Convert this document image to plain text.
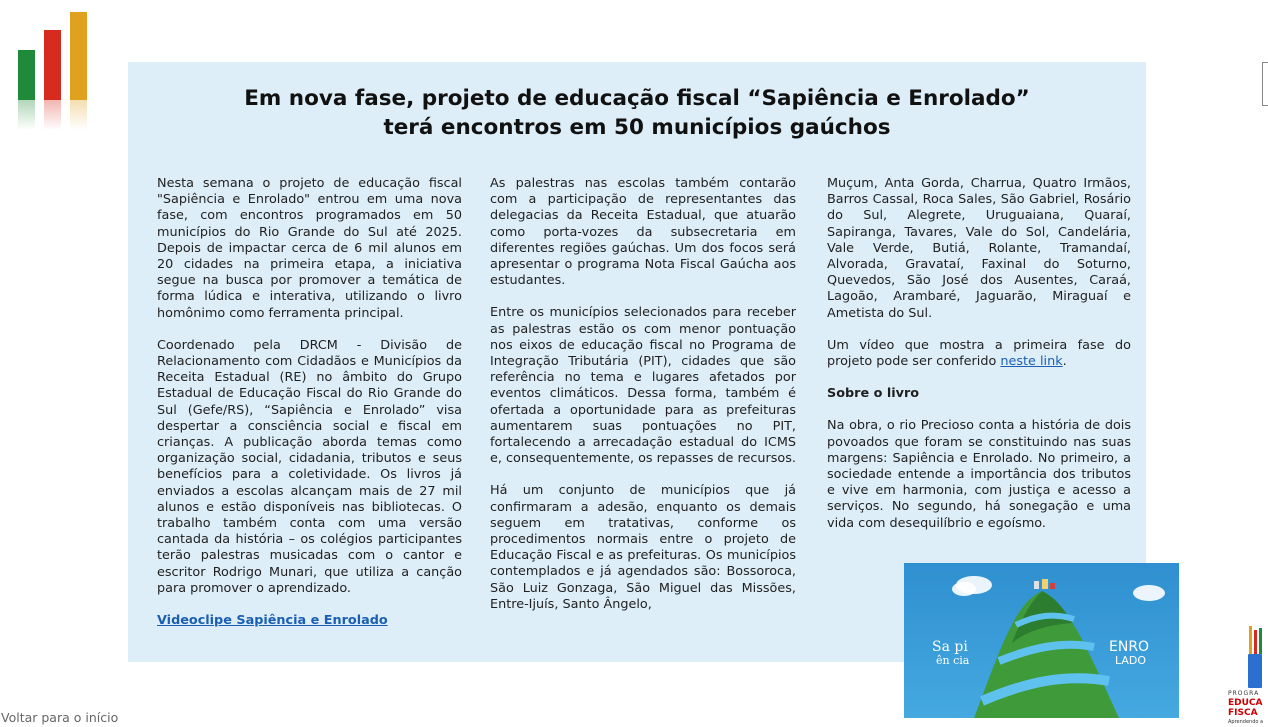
Em nova fase, projeto de educação fiscal “Sapiência e Enrolado”
terá encontros em 50 municípios gaúchos

Nesta semana o projeto de educação fiscal "Sapiência e Enrolado" entrou em uma nova fase, com encontros programados em 50 municípios do Rio Grande do Sul até 2025. Depois de impactar cerca de 6 mil alunos em 20 cidades na primeira etapa, a iniciativa segue na busca por promover a temática de forma lúdica e interativa, utilizando o livro homônimo como ferramenta principal.

Coordenado pela DRCM - Divisão de Relacionamento com Cidadãos e Municípios da Receita Estadual (RE) no âmbito do Grupo Estadual de Educação Fiscal do Rio Grande do Sul (Gefe/RS), “Sapiência e Enrolado” visa despertar a consciência social e fiscal em crianças. A publicação aborda temas como organização social, cidadania, tributos e seus benefícios para a coletividade. Os livros já enviados a escolas alcançam mais de 27 mil alunos e estão disponíveis nas bibliotecas. O trabalho também conta com uma versão cantada da história – os colégios participantes terão palestras musicadas com o cantor e escritor Rodrigo Munari, que utiliza a canção para promover o aprendizado.

Videoclipe Sapiência e Enrolado

As palestras nas escolas também contarão com a participação de representantes das delegacias da Receita Estadual, que atuarão como porta-vozes da subsecretaria em diferentes regiões gaúchas. Um dos focos será apresentar o programa Nota Fiscal Gaúcha aos estudantes.

Entre os municípios selecionados para receber as palestras estão os com menor pontuação nos eixos de educação fiscal no Programa de Integração Tributária (PIT), cidades que são referência no tema e lugares afetados por eventos climáticos. Dessa forma, também é ofertada a oportunidade para as prefeituras aumentarem suas pontuações no PIT, fortalecendo a arrecadação estadual do ICMS e, consequentemente, os repasses de recursos.

Há um conjunto de municípios que já confirmaram a adesão, enquanto os demais seguem em tratativas, conforme os procedimentos normais entre o projeto de Educação Fiscal e as prefeituras. Os municípios contemplados e já agendados são: Bossoroca, São Luiz Gonzaga, São Miguel das Missões, Entre-Ijuís, Santo Ângelo,

Muçum, Anta Gorda, Charrua, Quatro Irmãos, Barros Cassal, Roca Sales, São Gabriel, Rosário do Sul, Alegrete, Uruguaiana, Quaraí, Sapiranga, Tavares, Vale do Sol, Candelária, Vale Verde, Butiá, Rolante, Tramandaí, Alvorada, Gravataí, Faxinal do Soturno, Quevedos, São José dos Ausentes, Caraá, Lagoão, Arambaré, Jaguarão, Miraguaí e Ametista do Sul.

Um vídeo que mostra a primeira fase do projeto pode ser conferido neste link.

Sobre o livro

Na obra, o rio Precioso conta a história de dois povoados que foram se constituindo nas suas margens: Sapiência e Enrolado. No primeiro, a sociedade entende a importância dos tributos e vive em harmonia, com justiça e acesso a serviços. No segundo, há sonegação e uma vida com desequilíbrio e egoísmo.

Sa pi
ên cia
ENRO
LADO
Voltar para o início
PROGRA
EDUCA
FISCA
Aprendendo a
